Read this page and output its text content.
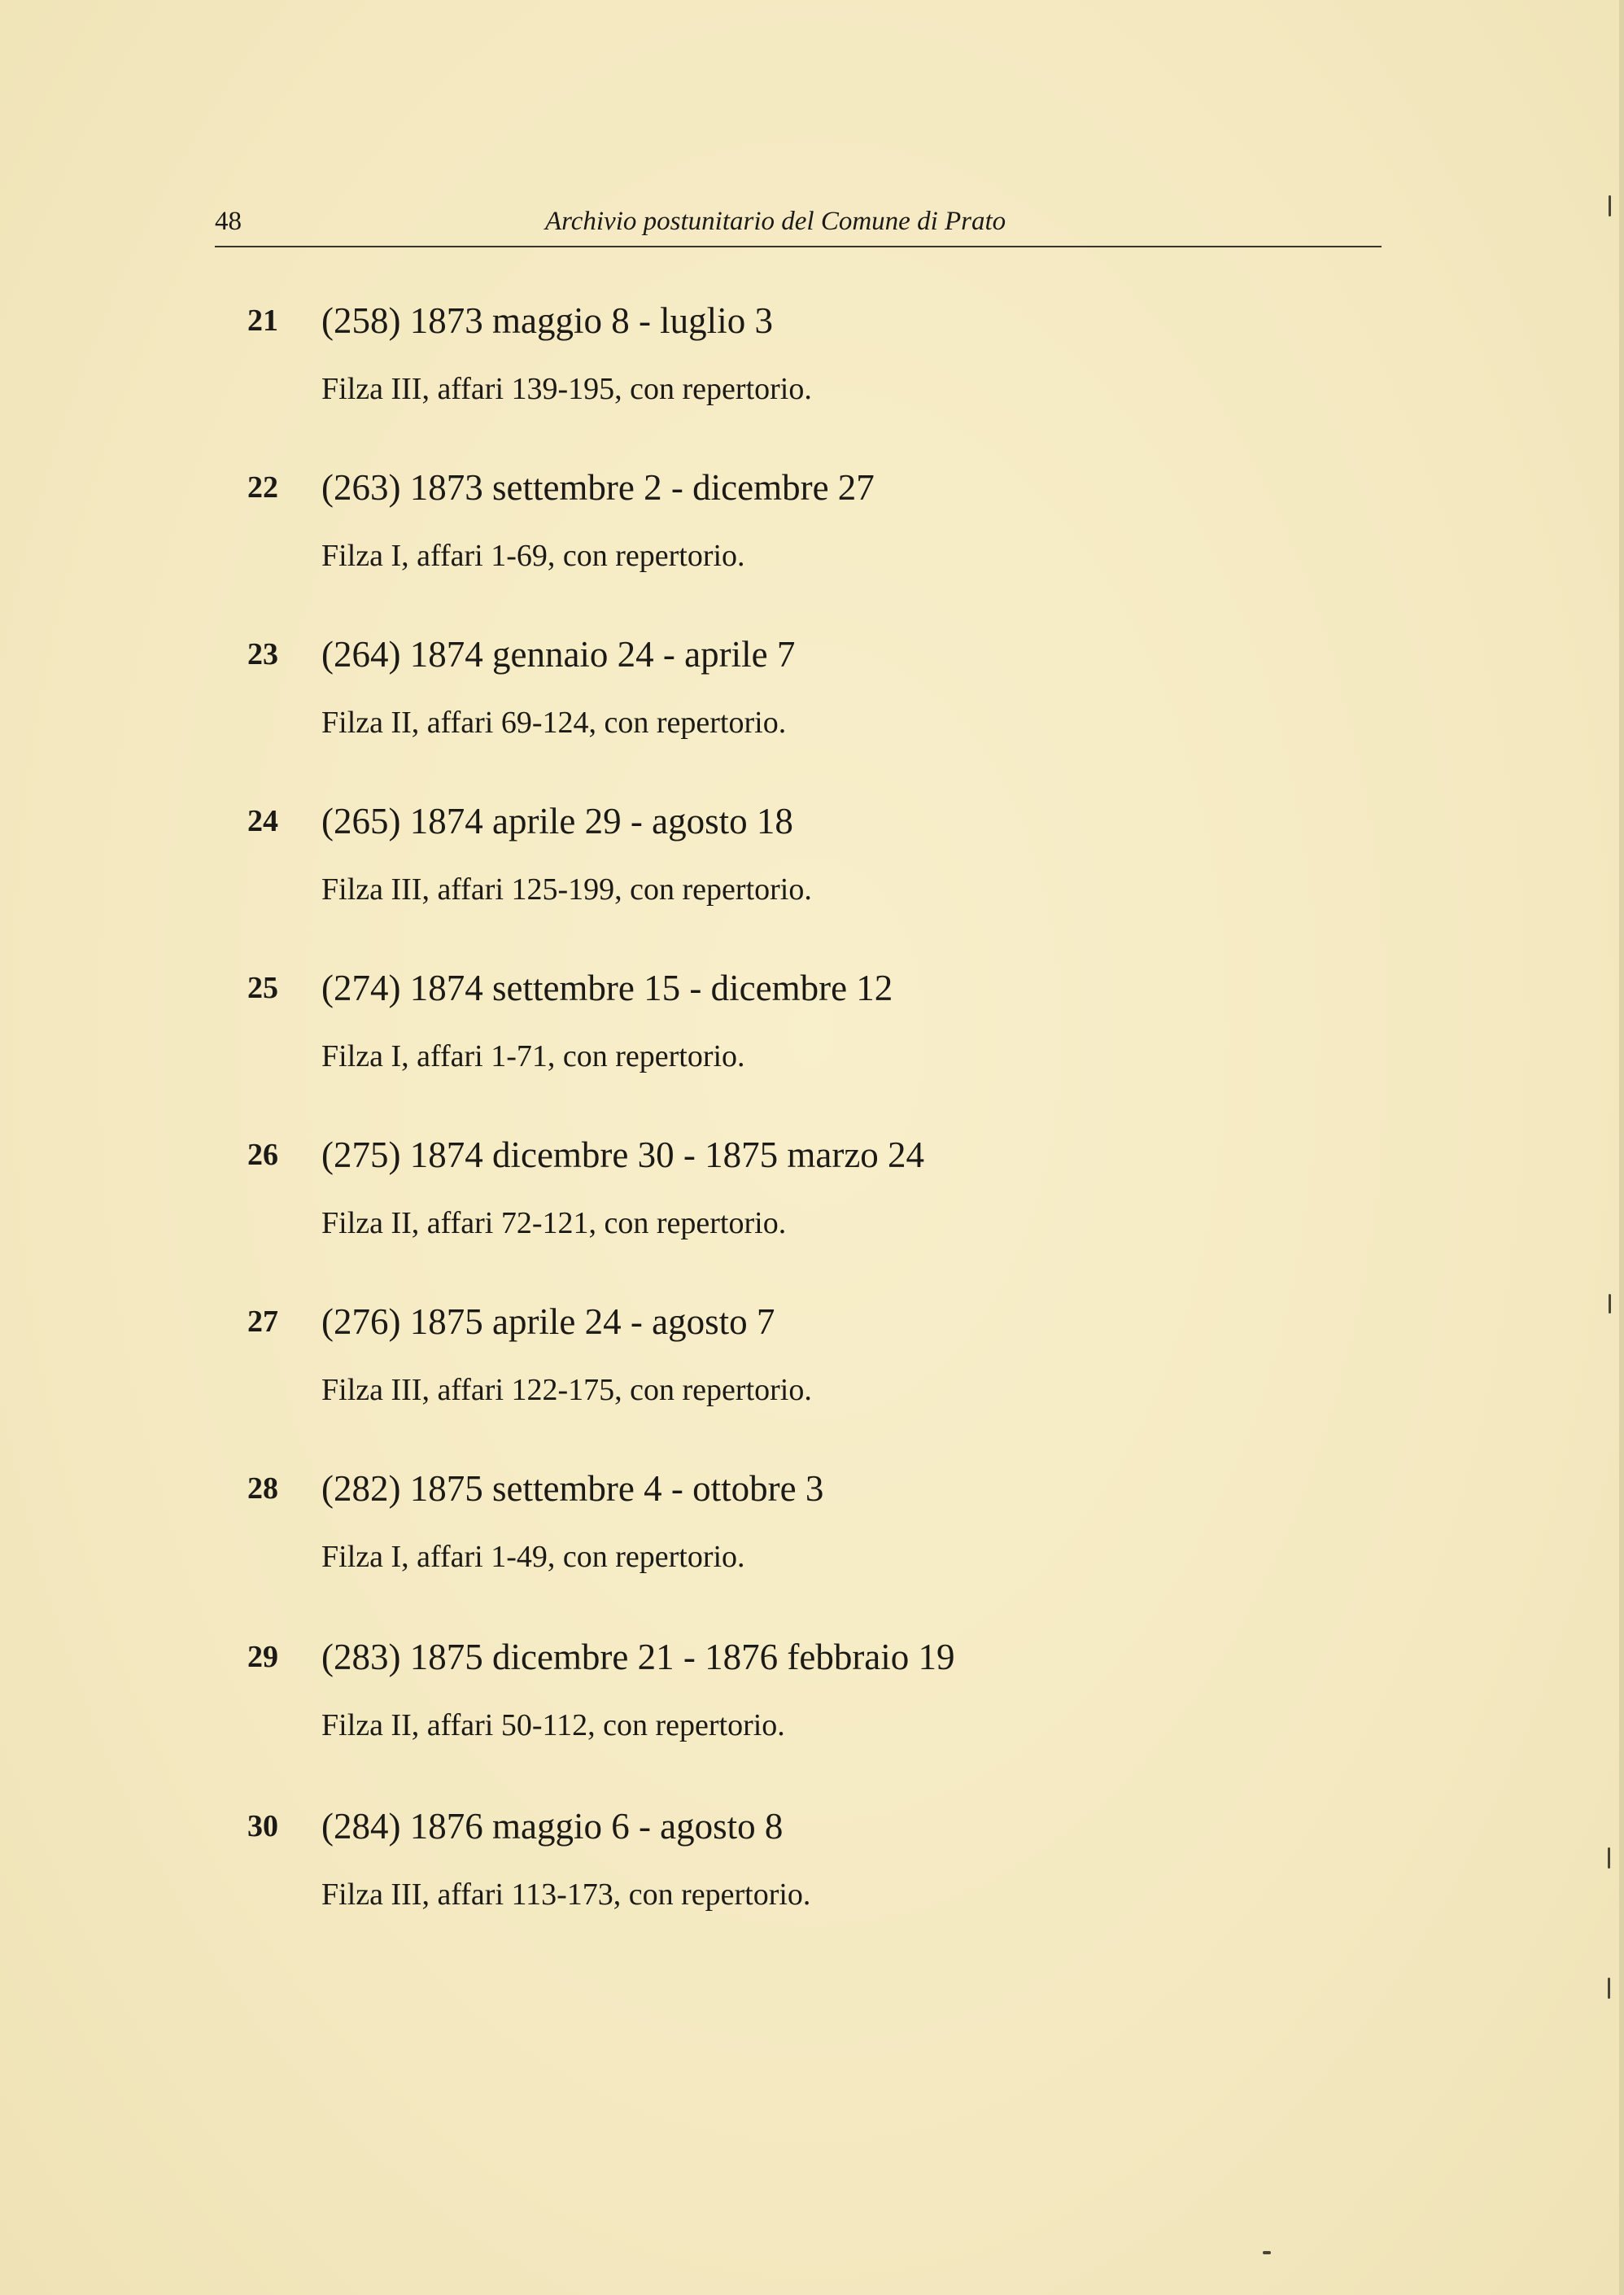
48	Archivio postunitario del Comune di Prato
21 (258) 1873 maggio 8 - luglio 3
Filza III, affari 139-195, con repertorio.
22 (263) 1873 settembre 2 - dicembre 27
Filza I, affari 1-69, con repertorio.
23 (264) 1874 gennaio 24 - aprile 7
Filza II, affari 69-124, con repertorio.
24 (265) 1874 aprile 29 - agosto 18
Filza III, affari 125-199, con repertorio.
25 (274) 1874 settembre 15 - dicembre 12
Filza I, affari 1-71, con repertorio.
26 (275) 1874 dicembre 30 - 1875 marzo 24
Filza II, affari 72-121, con repertorio.
27 (276) 1875 aprile 24 - agosto 7
Filza III, affari 122-175, con repertorio.
28 (282) 1875 settembre 4 - ottobre 3
Filza I, affari 1-49, con repertorio.
29 (283) 1875 dicembre 21 - 1876 febbraio 19
Filza II, affari 50-112, con repertorio.
30 (284) 1876 maggio 6 - agosto 8
Filza III, affari 113-173, con repertorio.
